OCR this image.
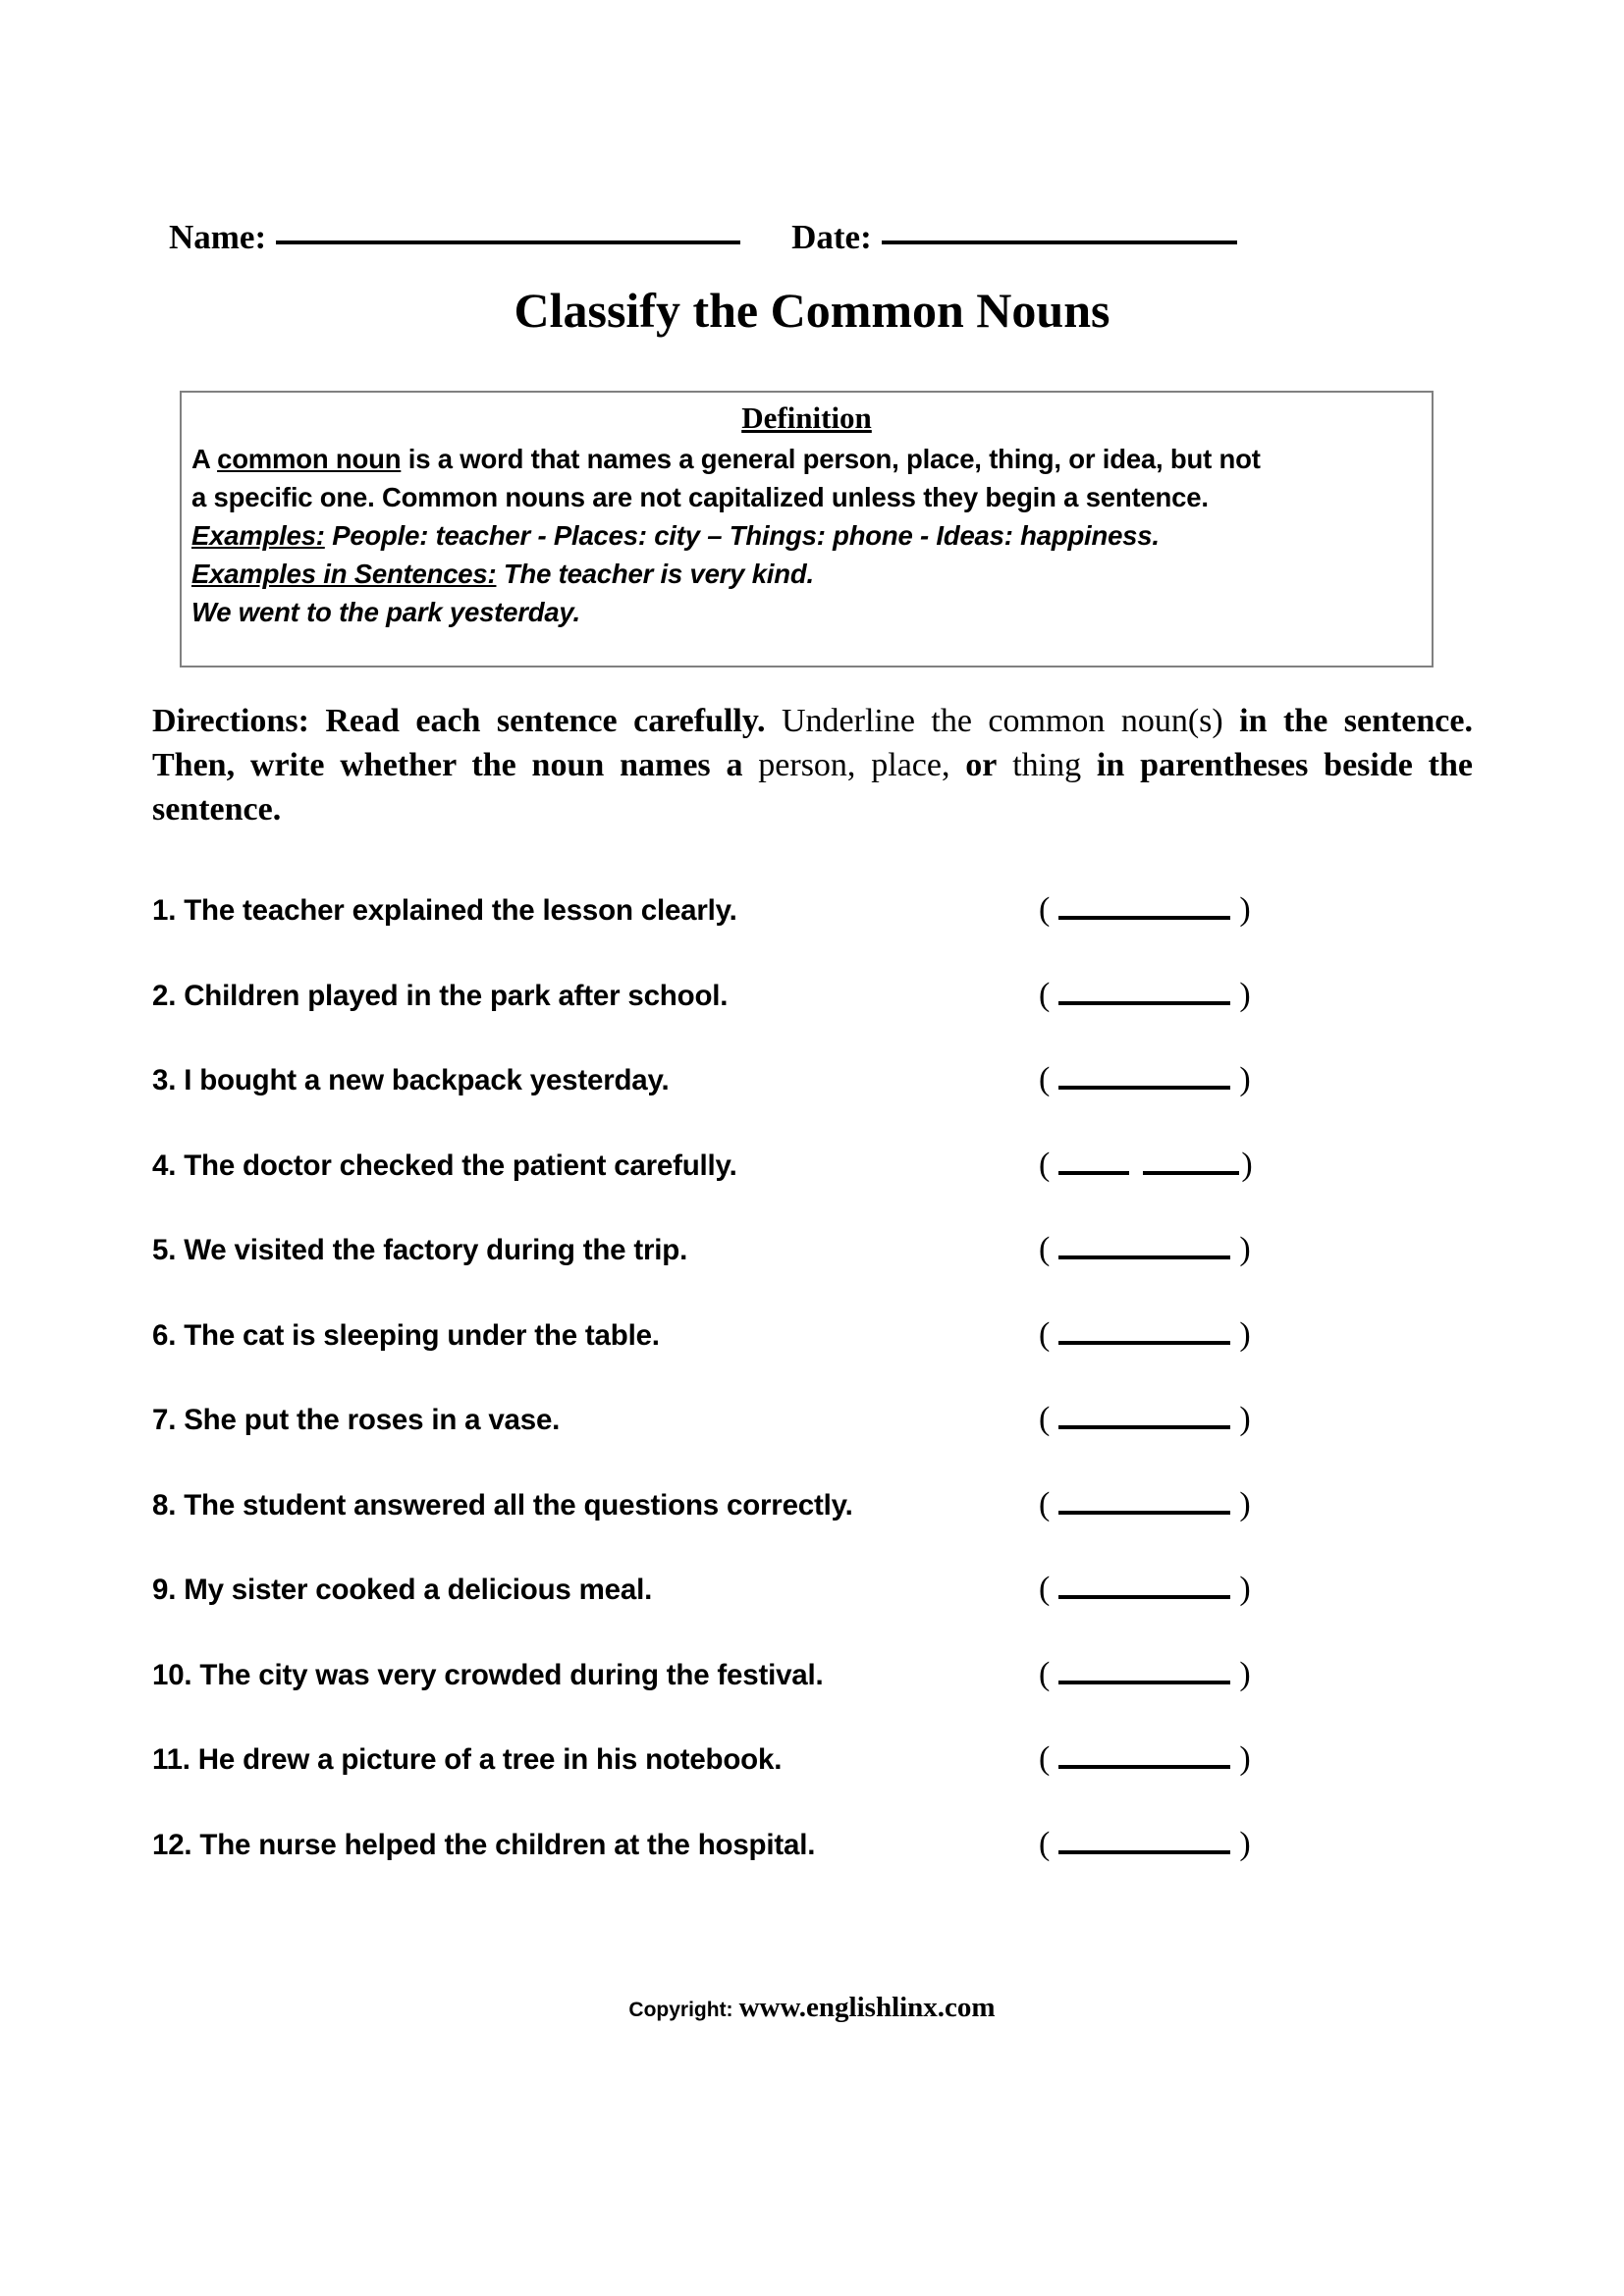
Name:	Date:
Classify the Common Nouns
Definition
A common noun is a word that names a general person, place, thing, or idea, but not
a specific one. Common nouns are not capitalized unless they begin a sentence.
Examples: People: teacher - Places: city – Things: phone - Ideas: happiness.
Examples in Sentences: The teacher is very kind.
We went to the park yesterday.
Directions: Read each sentence carefully. Underline the common noun(s) in the sentence. Then, write whether the noun names a person, place, or thing in parentheses beside the sentence.
1. The teacher explained the lesson clearly.	(	)
2. Children played in the park after school.	(	)
3. I bought a new backpack yesterday.	(	)
4. The doctor checked the patient carefully.	(	)
5. We visited the factory during the trip.	(	)
6. The cat is sleeping under the table.	(	)
7. She put the roses in a vase.	(	)
8. The student answered all the questions correctly.	(	)
9. My sister cooked a delicious meal.	(	)
10. The city was very crowded during the festival.	(	)
11. He drew a picture of a tree in his notebook.	(	)
12. The nurse helped the children at the hospital.	(	)
Copyright: www.englishlinx.com
